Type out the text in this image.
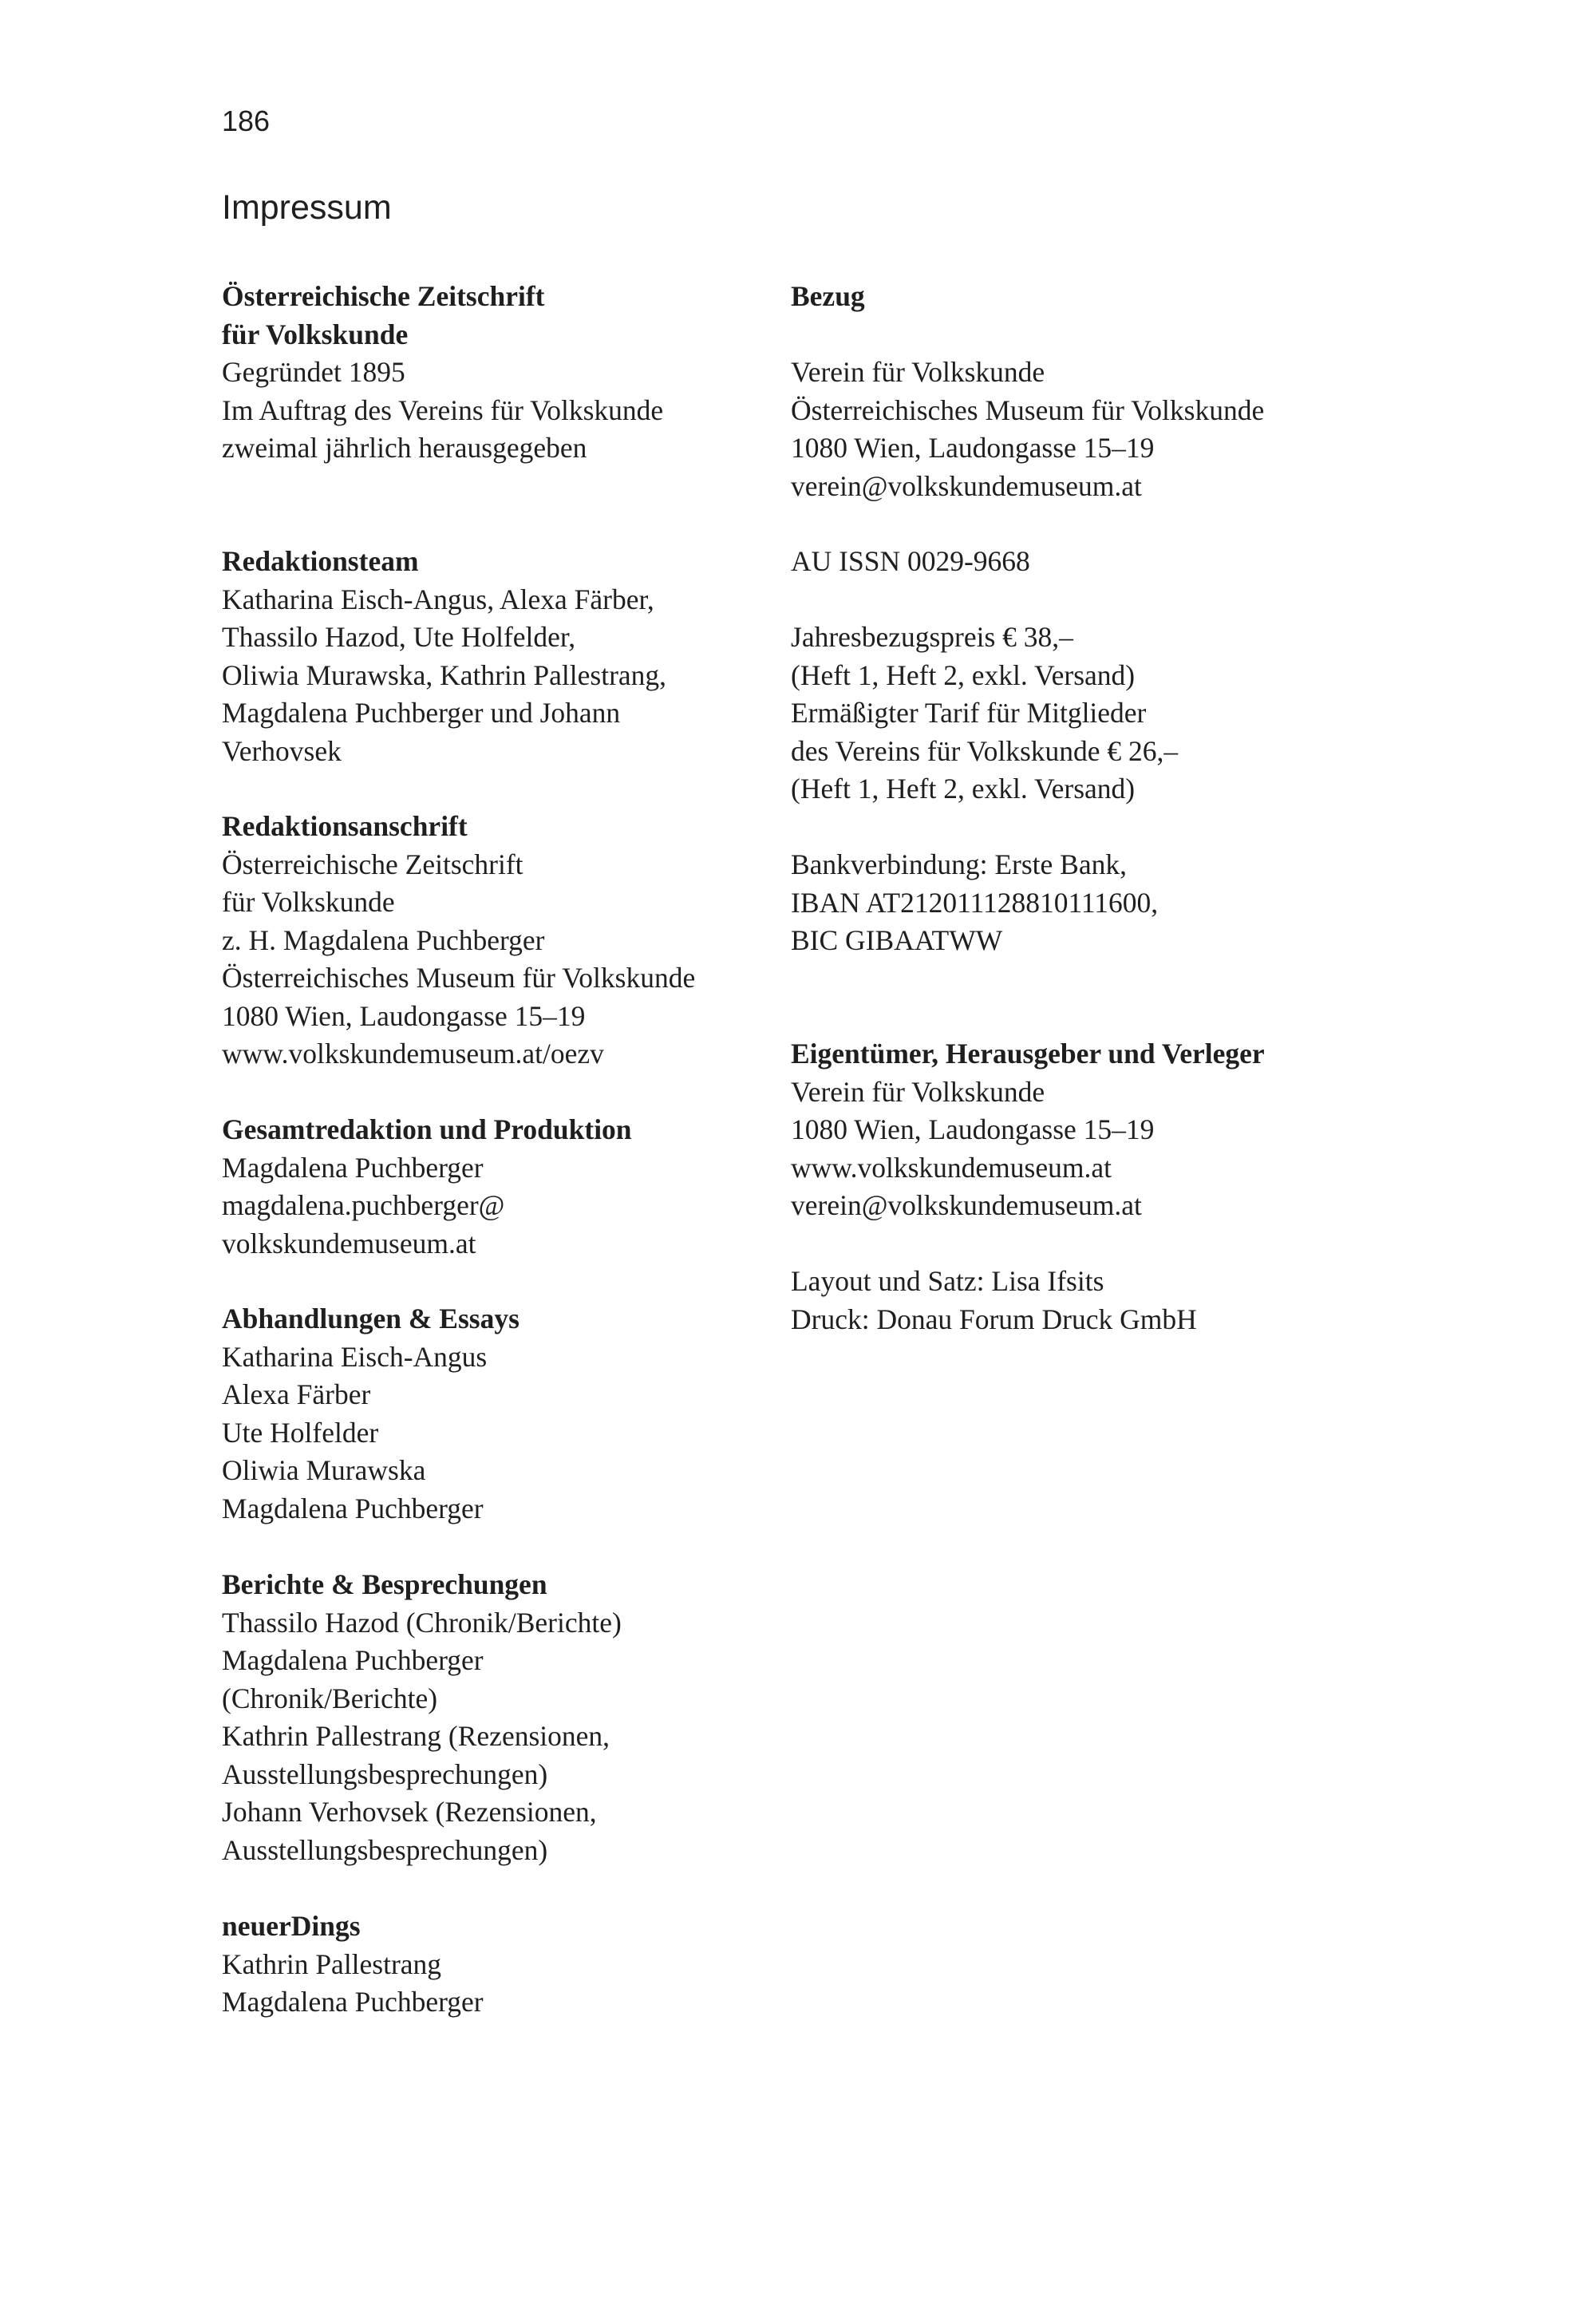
186
Impressum
Österreichische Zeitschrift
für Volkskunde
Gegründet 1895
Im Auftrag des Vereins für Volkskunde
zweimal jährlich herausgegeben
Redaktionsteam
Katharina Eisch-Angus, Alexa Färber,
Thassilo Hazod, Ute Holfelder,
Oliwia Murawska, Kathrin Pallestrang,
Magdalena Puchberger und Johann
Verhovsek
Redaktionsanschrift
Österreichische Zeitschrift
für Volkskunde
z. H. Magdalena Puchberger
Österreichisches Museum für Volkskunde
1080 Wien, Laudongasse 15–19
www.volkskundemuseum.at/oezv
Gesamtredaktion und Produktion
Magdalena Puchberger
magdalena.puchberger@
volkskundemuseum.at
Abhandlungen & Essays
Katharina Eisch-Angus
Alexa Färber
Ute Holfelder
Oliwia Murawska
Magdalena Puchberger
Berichte & Besprechungen
Thassilo Hazod (Chronik/Berichte)
Magdalena Puchberger
(Chronik/Berichte)
Kathrin Pallestrang (Rezensionen,
Ausstellungsbesprechungen)
Johann Verhovsek (Rezensionen,
Ausstellungsbesprechungen)
neuerDings
Kathrin Pallestrang
Magdalena Puchberger
Bezug
Verein für Volkskunde
Österreichisches Museum für Volkskunde
1080 Wien, Laudongasse 15–19
verein@volkskundemuseum.at
AU ISSN 0029-9668
Jahresbezugspreis € 38,–
(Heft 1, Heft 2, exkl. Versand)
Ermäßigter Tarif für Mitglieder
des Vereins für Volkskunde € 26,–
(Heft 1, Heft 2, exkl. Versand)
Bankverbindung: Erste Bank,
IBAN AT212011128810111600,
BIC GIBAATWW
Eigentümer, Herausgeber und Verleger
Verein für Volkskunde
1080 Wien, Laudongasse 15–19
www.volkskundemuseum.at
verein@volkskundemuseum.at
Layout und Satz: Lisa Ifsits
Druck: Donau Forum Druck GmbH
